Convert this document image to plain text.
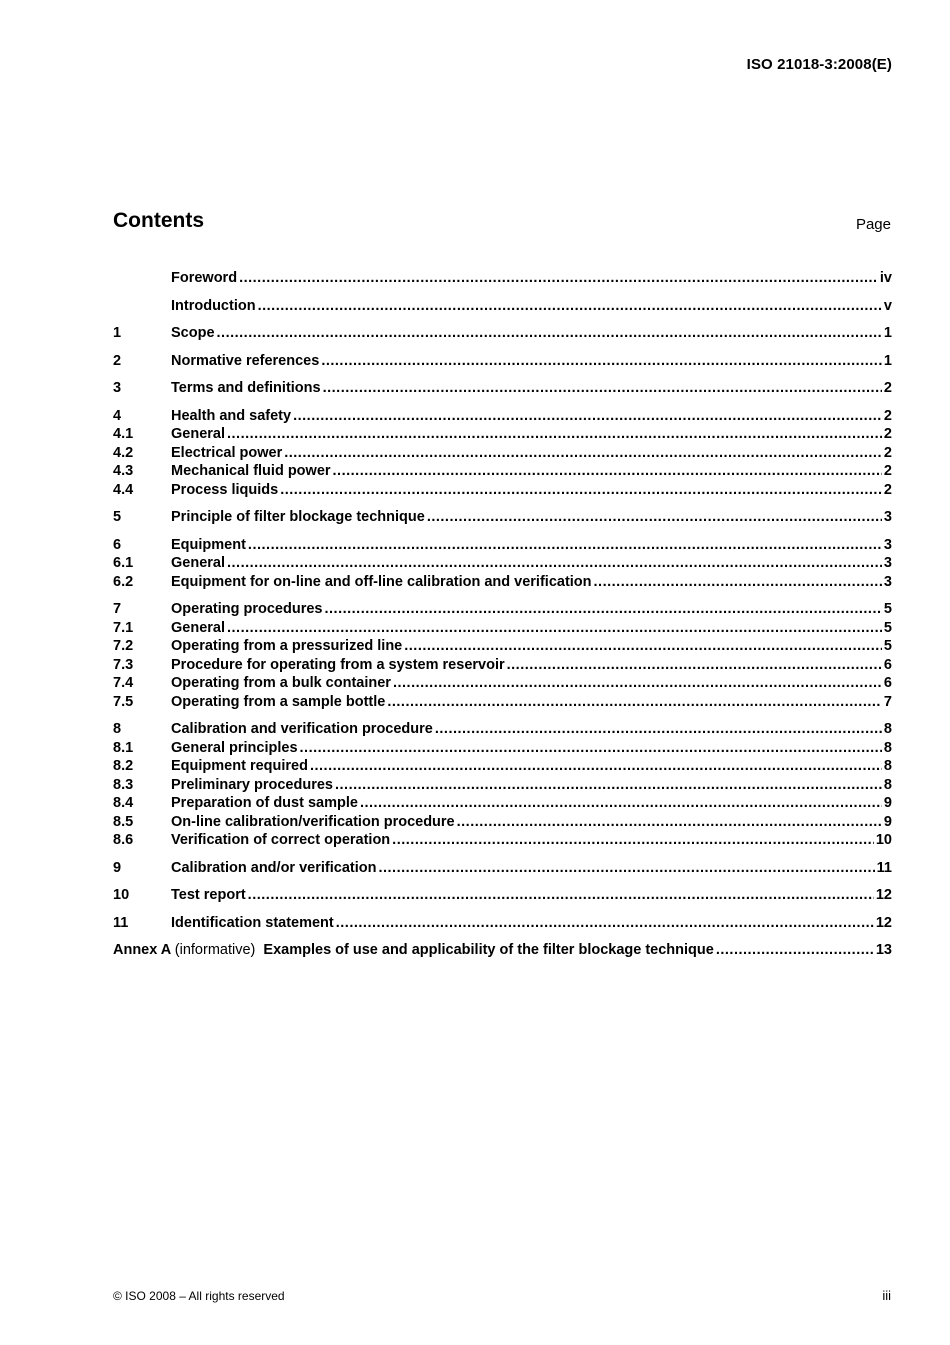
ISO 21018-3:2008(E)
Contents	Page
Foreword .....	iv
Introduction .....	v
1	Scope .....	1
2	Normative references .....	1
3	Terms and definitions .....	2
4	Health and safety .....	2
4.1	General .....	2
4.2	Electrical power .....	2
4.3	Mechanical fluid power .....	2
4.4	Process liquids .....	2
5	Principle of filter blockage technique .....	3
6	Equipment .....	3
6.1	General .....	3
6.2	Equipment for on-line and off-line calibration and verification .....	3
7	Operating procedures .....	5
7.1	General .....	5
7.2	Operating from a pressurized line .....	5
7.3	Procedure for operating from a system reservoir .....	6
7.4	Operating from a bulk container .....	6
7.5	Operating from a sample bottle .....	7
8	Calibration and verification procedure .....	8
8.1	General principles .....	8
8.2	Equipment required .....	8
8.3	Preliminary procedures .....	8
8.4	Preparation of dust sample .....	9
8.5	On-line calibration/verification procedure .....	9
8.6	Verification of correct operation .....	10
9	Calibration and/or verification .....	11
10	Test report .....	12
11	Identification statement .....	12
Annex A (informative) Examples of use and applicability of the filter blockage technique .....	13
© ISO 2008 – All rights reserved	iii
